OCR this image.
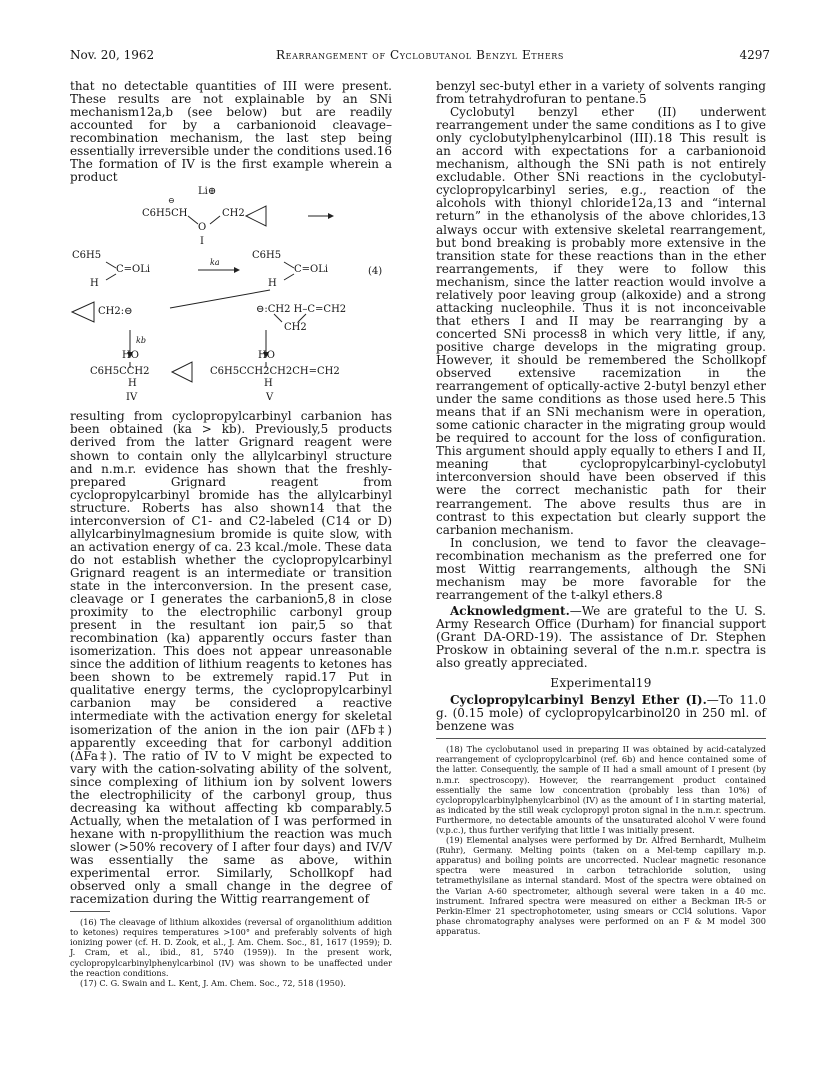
Nov. 20, 1962	Rearrangement of Cyclobutanol Benzyl Ethers	4297

that no detectable quantities of III were present. These results are not explainable by an SNi mechanism12a,b (see below) but are readily accounted for by a carbanionoid cleavage–recombination mechanism, the last step being essentially irreversible under the conditions used.16 The formation of IV is the first example wherein a product

Li⊕
⊖
C6H5CH
O
CH2
I
C6H5
C=OLi
H
ka
C6H5
C=OLi
H
(4)
CH2:⊖	⊖:CH2 H–C=CH2
CH2
kb
HO	HO
C6H5CCH2
H
C6H5CCH2CH2CH=CH2
H
IV	V

resulting from cyclopropylcarbinyl carbanion has been obtained (ka > kb). Previously,5 products derived from the latter Grignard reagent were shown to contain only the allylcarbinyl structure and n.m.r. evidence has shown that the freshly-prepared Grignard reagent from cyclopropylcarbinyl bromide has the allylcarbinyl structure. Roberts has also shown14 that the interconversion of C1- and C2-labeled (C14 or D) allylcarbinylmagnesium bromide is quite slow, with an activation energy of ca. 23 kcal./mole. These data do not establish whether the cyclopropylcarbinyl Grignard reagent is an intermediate or transition state in the interconversion. In the present case, cleavage or I generates the carbanion5,8 in close proximity to the electrophilic carbonyl group present in the resultant ion pair,5 so that recombination (ka) apparently occurs faster than isomerization. This does not appear unreasonable since the addition of lithium reagents to ketones has been shown to be extremely rapid.17 Put in qualitative energy terms, the cyclopropylcarbinyl carbanion may be considered a reactive intermediate with the activation energy for skeletal isomerization of the anion in the ion pair (ΔFb‡) apparently exceeding that for carbonyl addition (ΔFa‡). The ratio of IV to V might be expected to vary with the cation-solvating ability of the solvent, since complexing of lithium ion by solvent lowers the electrophilicity of the carbonyl group, thus decreasing ka without affecting kb comparably.5 Actually, when the metalation of I was performed in hexane with n-propyllithium the reaction was much slower (>50% recovery of I after four days) and IV/V was essentially the same as above, within experimental error. Similarly, Schollkopf had observed only a small change in the degree of racemization during the Wittig rearrangement of

(16) The cleavage of lithium alkoxides (reversal of organolithium addition to ketones) requires temperatures >100° and preferably solvents of high ionizing power (cf. H. D. Zook, et al., J. Am. Chem. Soc., 81, 1617 (1959); D. J. Cram, et al., ibid., 81, 5740 (1959)). In the present work, cyclopropylcarbinylphenylcarbinol (IV) was shown to be unaffected under the reaction conditions.

(17) C. G. Swain and L. Kent, J. Am. Chem. Soc., 72, 518 (1950).

benzyl sec-butyl ether in a variety of solvents ranging from tetrahydrofuran to pentane.5

Cyclobutyl benzyl ether (II) underwent rearrangement under the same conditions as I to give only cyclobutylphenylcarbinol (III).18 This result is an accord with expectations for a carbanionoid mechanism, although the SNi path is not entirely excludable. Other SNi reactions in the cyclobutyl-cyclopropylcarbinyl series, e.g., reaction of the alcohols with thionyl chloride12a,13 and “internal return” in the ethanolysis of the above chlorides,13 always occur with extensive skeletal rearrangement, but bond breaking is probably more extensive in the transition state for these reactions than in the ether rearrangements, if they were to follow this mechanism, since the latter reaction would involve a relatively poor leaving group (alkoxide) and a strong attacking nucleophile. Thus it is not inconceivable that ethers I and II may be rearranging by a concerted SNi process8 in which very little, if any, positive charge develops in the migrating group. However, it should be remembered the Schollkopf observed extensive racemization in the rearrangement of optically-active 2-butyl benzyl ether under the same conditions as those used here.5 This means that if an SNi mechanism were in operation, some cationic character in the migrating group would be required to account for the loss of configuration. This argument should apply equally to ethers I and II, meaning that cyclopropylcarbinyl-cyclobutyl interconversion should have been observed if this were the correct mechanistic path for their rearrangement. The above results thus are in contrast to this expectation but clearly support the carbanion mechanism.

In conclusion, we tend to favor the cleavage–recombination mechanism as the preferred one for most Wittig rearrangements, although the SNi mechanism may be more favorable for the rearrangement of the t-alkyl ethers.8

Acknowledgment.—We are grateful to the U. S. Army Research Office (Durham) for financial support (Grant DA-ORD-19). The assistance of Dr. Stephen Proskow in obtaining several of the n.m.r. spectra is also greatly appreciated.

Experimental19

Cyclopropylcarbinyl Benzyl Ether (I).—To 11.0 g. (0.15 mole) of cyclopropylcarbinol20 in 250 ml. of benzene was

(18) The cyclobutanol used in preparing II was obtained by acid-catalyzed rearrangement of cyclopropylcarbinol (ref. 6b) and hence contained some of the latter. Consequently, the sample of II had a small amount of I present (by n.m.r. spectroscopy). However, the rearrangement product contained essentially the same low concentration (probably less than 10%) of cyclopropylcarbinylphenylcarbinol (IV) as the amount of I in starting material, as indicated by the still weak cyclopropyl proton signal in the n.m.r. spectrum. Furthermore, no detectable amounts of the unsaturated alcohol V were found (v.p.c.), thus further verifying that little I was initially present.

(19) Elemental analyses were performed by Dr. Alfred Bernhardt, Mulheim (Ruhr), Germany. Melting points (taken on a Mel-temp capillary m.p. apparatus) and boiling points are uncorrected. Nuclear magnetic resonance spectra were measured in carbon tetrachloride solution, using tetramethylsilane as internal standard. Most of the spectra were obtained on the Varian A-60 spectrometer, although several were taken in a 40 mc. instrument. Infrared spectra were measured on either a Beckman IR-5 or Perkin-Elmer 21 spectrophotometer, using smears or CCl4 solutions. Vapor phase chromatography analyses were performed on an F & M model 300 apparatus.
